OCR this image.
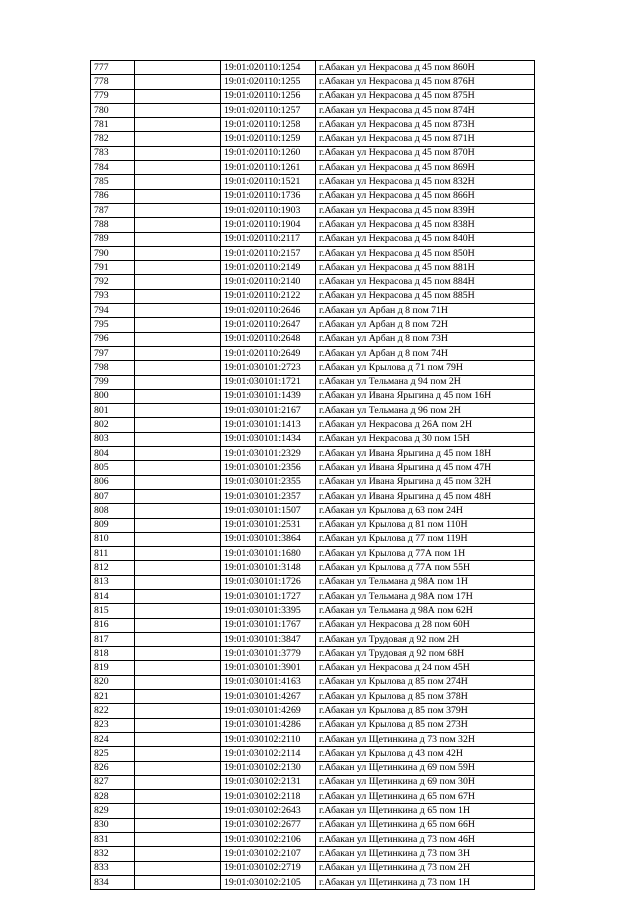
777		19:01:020110:1254	г.Абакан ул Некрасова д 45 пом 860Н
778		19:01:020110:1255	г.Абакан ул Некрасова д 45 пом 876Н
779		19:01:020110:1256	г.Абакан ул Некрасова д 45 пом 875Н
780		19:01:020110:1257	г.Абакан ул Некрасова д 45 пом 874Н
781		19:01:020110:1258	г.Абакан ул Некрасова д 45 пом 873Н
782		19:01:020110:1259	г.Абакан ул Некрасова д 45 пом 871Н
783		19:01:020110:1260	г.Абакан ул Некрасова д 45 пом 870Н
784		19:01:020110:1261	г.Абакан ул Некрасова д 45 пом 869Н
785		19:01:020110:1521	г.Абакан ул Некрасова д 45 пом 832Н
786		19:01:020110:1736	г.Абакан ул Некрасова д 45 пом 866Н
787		19:01:020110:1903	г.Абакан ул Некрасова д 45 пом 839Н
788		19:01:020110:1904	г.Абакан ул Некрасова д 45 пом 838Н
789		19:01:020110:2117	г.Абакан ул Некрасова д 45 пом 840Н
790		19:01:020110:2157	г.Абакан ул Некрасова д 45 пом 850Н
791		19:01:020110:2149	г.Абакан ул Некрасова д 45 пом 881Н
792		19:01:020110:2140	г.Абакан ул Некрасова д 45 пом 884Н
793		19:01:020110:2122	г.Абакан ул Некрасова д 45 пом 885Н
794		19:01:020110:2646	г.Абакан ул Арбан д 8 пом 71Н
795		19:01:020110:2647	г.Абакан ул Арбан д 8 пом 72Н
796		19:01:020110:2648	г.Абакан ул Арбан д 8 пом 73Н
797		19:01:020110:2649	г.Абакан ул Арбан д 8 пом 74Н
798		19:01:030101:2723	г.Абакан ул Крылова д 71 пом 79Н
799		19:01:030101:1721	г.Абакан ул Тельмана д 94 пом 2Н
800		19:01:030101:1439	г.Абакан ул Ивана Ярыгина д 45 пом 16Н
801		19:01:030101:2167	г.Абакан ул Тельмана д 96 пом 2Н
802		19:01:030101:1413	г.Абакан ул Некрасова д 26А пом 2Н
803		19:01:030101:1434	г.Абакан ул Некрасова д 30 пом 15Н
804		19:01:030101:2329	г.Абакан ул Ивана Ярыгина д 45 пом 18Н
805		19:01:030101:2356	г.Абакан ул Ивана Ярыгина д 45 пом 47Н
806		19:01:030101:2355	г.Абакан ул Ивана Ярыгина д 45 пом 32Н
807		19:01:030101:2357	г.Абакан ул Ивана Ярыгина д 45 пом 48Н
808		19:01:030101:1507	г.Абакан ул Крылова д 63 пом 24Н
809		19:01:030101:2531	г.Абакан ул Крылова д 81 пом 110Н
810		19:01:030101:3864	г.Абакан ул Крылова д 77 пом 119Н
811		19:01:030101:1680	г.Абакан ул Крылова д 77А пом 1Н
812		19:01:030101:3148	г.Абакан ул Крылова д 77А пом 55Н
813		19:01:030101:1726	г.Абакан ул Тельмана д 98А пом 1Н
814		19:01:030101:1727	г.Абакан ул Тельмана д 98А пом 17Н
815		19:01:030101:3395	г.Абакан ул Тельмана д 98А пом 62Н
816		19:01:030101:1767	г.Абакан ул Некрасова д 28 пом 60Н
817		19:01:030101:3847	г.Абакан ул Трудовая д 92 пом 2Н
818		19:01:030101:3779	г.Абакан ул Трудовая д 92 пом 68Н
819		19:01:030101:3901	г.Абакан ул Некрасова д 24 пом 45Н
820		19:01:030101:4163	г.Абакан ул Крылова д 85 пом 274Н
821		19:01:030101:4267	г.Абакан ул Крылова д 85 пом 378Н
822		19:01:030101:4269	г.Абакан ул Крылова д 85 пом 379Н
823		19:01:030101:4286	г.Абакан ул Крылова д 85 пом 273Н
824		19:01:030102:2110	г.Абакан ул Щетинкина д 73 пом 32Н
825		19:01:030102:2114	г.Абакан ул Крылова д 43 пом 42Н
826		19:01:030102:2130	г.Абакан ул Щетинкина д 69 пом 59Н
827		19:01:030102:2131	г.Абакан ул Щетинкина д 69 пом 30Н
828		19:01:030102:2118	г.Абакан ул Щетинкина д 65 пом 67Н
829		19:01:030102:2643	г.Абакан ул Щетинкина д 65 пом 1Н
830		19:01:030102:2677	г.Абакан ул Щетинкина д 65 пом 66Н
831		19:01:030102:2106	г.Абакан ул Щетинкина д 73 пом 46Н
832		19:01:030102:2107	г.Абакан ул Щетинкина д 73 пом 3Н
833		19:01:030102:2719	г.Абакан ул Щетинкина д 73 пом 2Н
834		19:01:030102:2105	г.Абакан ул Щетинкина д 73 пом 1Н
